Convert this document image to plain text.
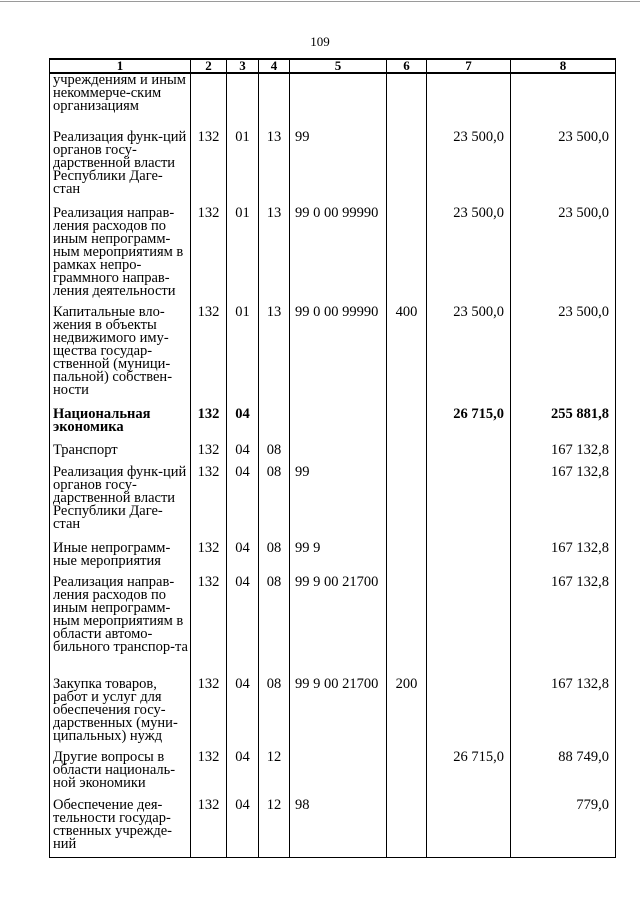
109
1	2	3	4	5	6	7	8
учреждениям и иным некоммерче-ским организациям							
Реализация функ-ций органов госу-дарственной власти Республики Даге-стан	132	01	13	99		23 500,0	23 500,0
Реализация направ-ления расходов по иным непрограмм-ным мероприятиям в рамках непро-граммного направ-ления деятельности	132	01	13	99 0 00 99990		23 500,0	23 500,0
Капитальные вло-жения в объекты недвижимого иму-щества государ-ственной (муници-пальной) собствен-ности	132	01	13	99 0 00 99990	400	23 500,0	23 500,0
Национальная экономика	132	04				26 715,0	255 881,8
Транспорт	132	04	08				167 132,8
Реализация функ-ций органов госу-дарственной власти Республики Даге-стан	132	04	08	99			167 132,8
Иные непрограмм-ные мероприятия	132	04	08	99 9			167 132,8
Реализация направ-ления расходов по иным непрограмм-ным мероприятиям в области автомо-бильного транспор-та	132	04	08	99 9 00 21700			167 132,8
Закупка товаров, работ и услуг для обеспечения госу-дарственных (муни-ципальных) нужд	132	04	08	99 9 00 21700	200		167 132,8
Другие вопросы в области националь-ной экономики	132	04	12			26 715,0	88 749,0
Обеспечение дея-тельности государ-ственных учрежде-ний	132	04	12	98			779,0
